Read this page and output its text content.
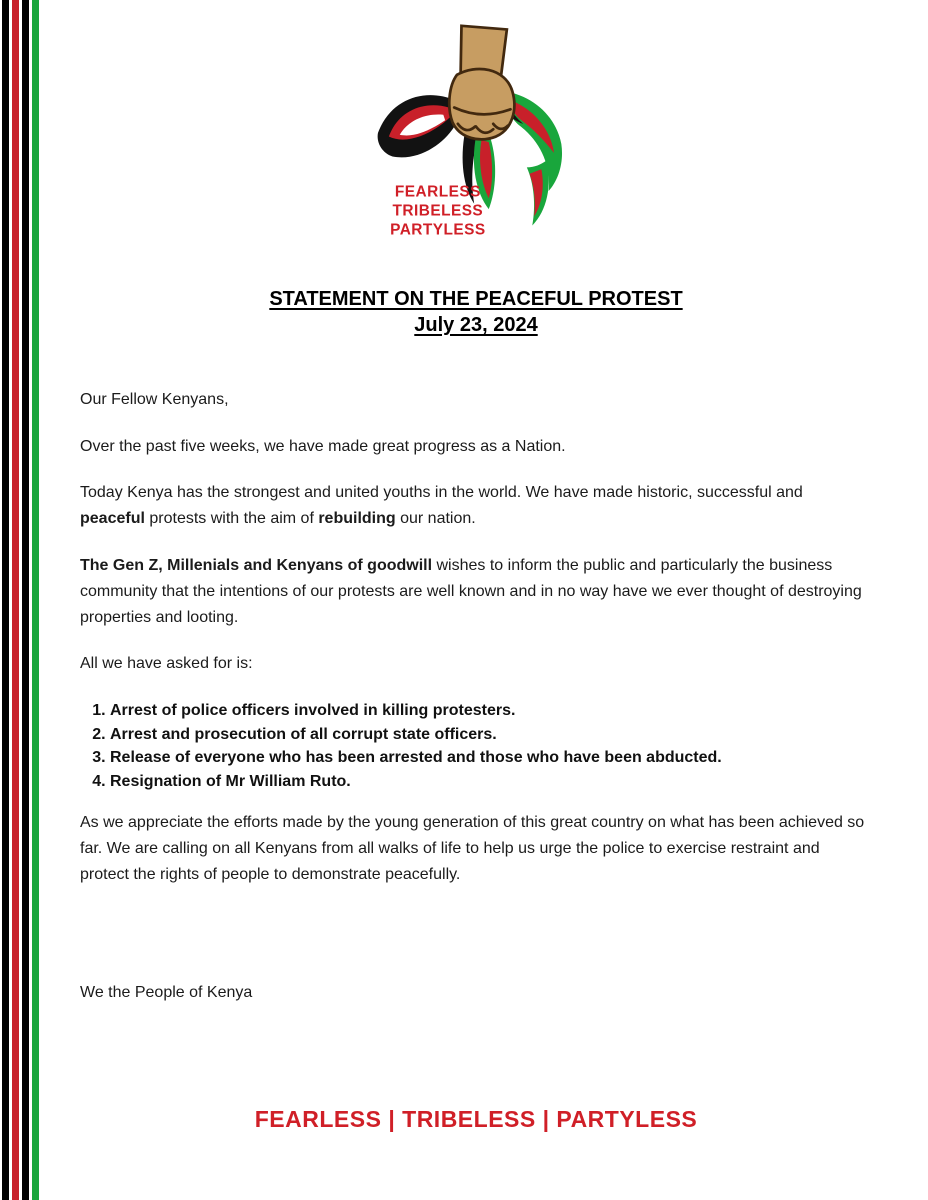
FEARLESS
TRIBELESS
PARTYLESS
STATEMENT ON THE PEACEFUL PROTEST
July 23, 2024

Our Fellow Kenyans,

Over the past five weeks, we have made great progress as a Nation.

Today Kenya has the strongest and united youths in the world. We have made historic, successful and peaceful protests with the aim of rebuilding our nation.

The Gen Z, Millenials and Kenyans of goodwill wishes to inform the public and particularly the business community that the intentions of our protests are well known and in no way have we ever thought of destroying properties and looting.

All we have asked for is:

1. Arrest of police officers involved in killing protesters.
2. Arrest and prosecution of all corrupt state officers.
3. Release of everyone who has been arrested and those who have been abducted.
4. Resignation of Mr William Ruto.

As we appreciate the efforts made by the young generation of this great country on what has been achieved so far. We are calling on all Kenyans from all walks of life to help us urge the police to exercise restraint and protect the rights of people to demonstrate peacefully.

We the People of Kenya

FEARLESS | TRIBELESS | PARTYLESS
